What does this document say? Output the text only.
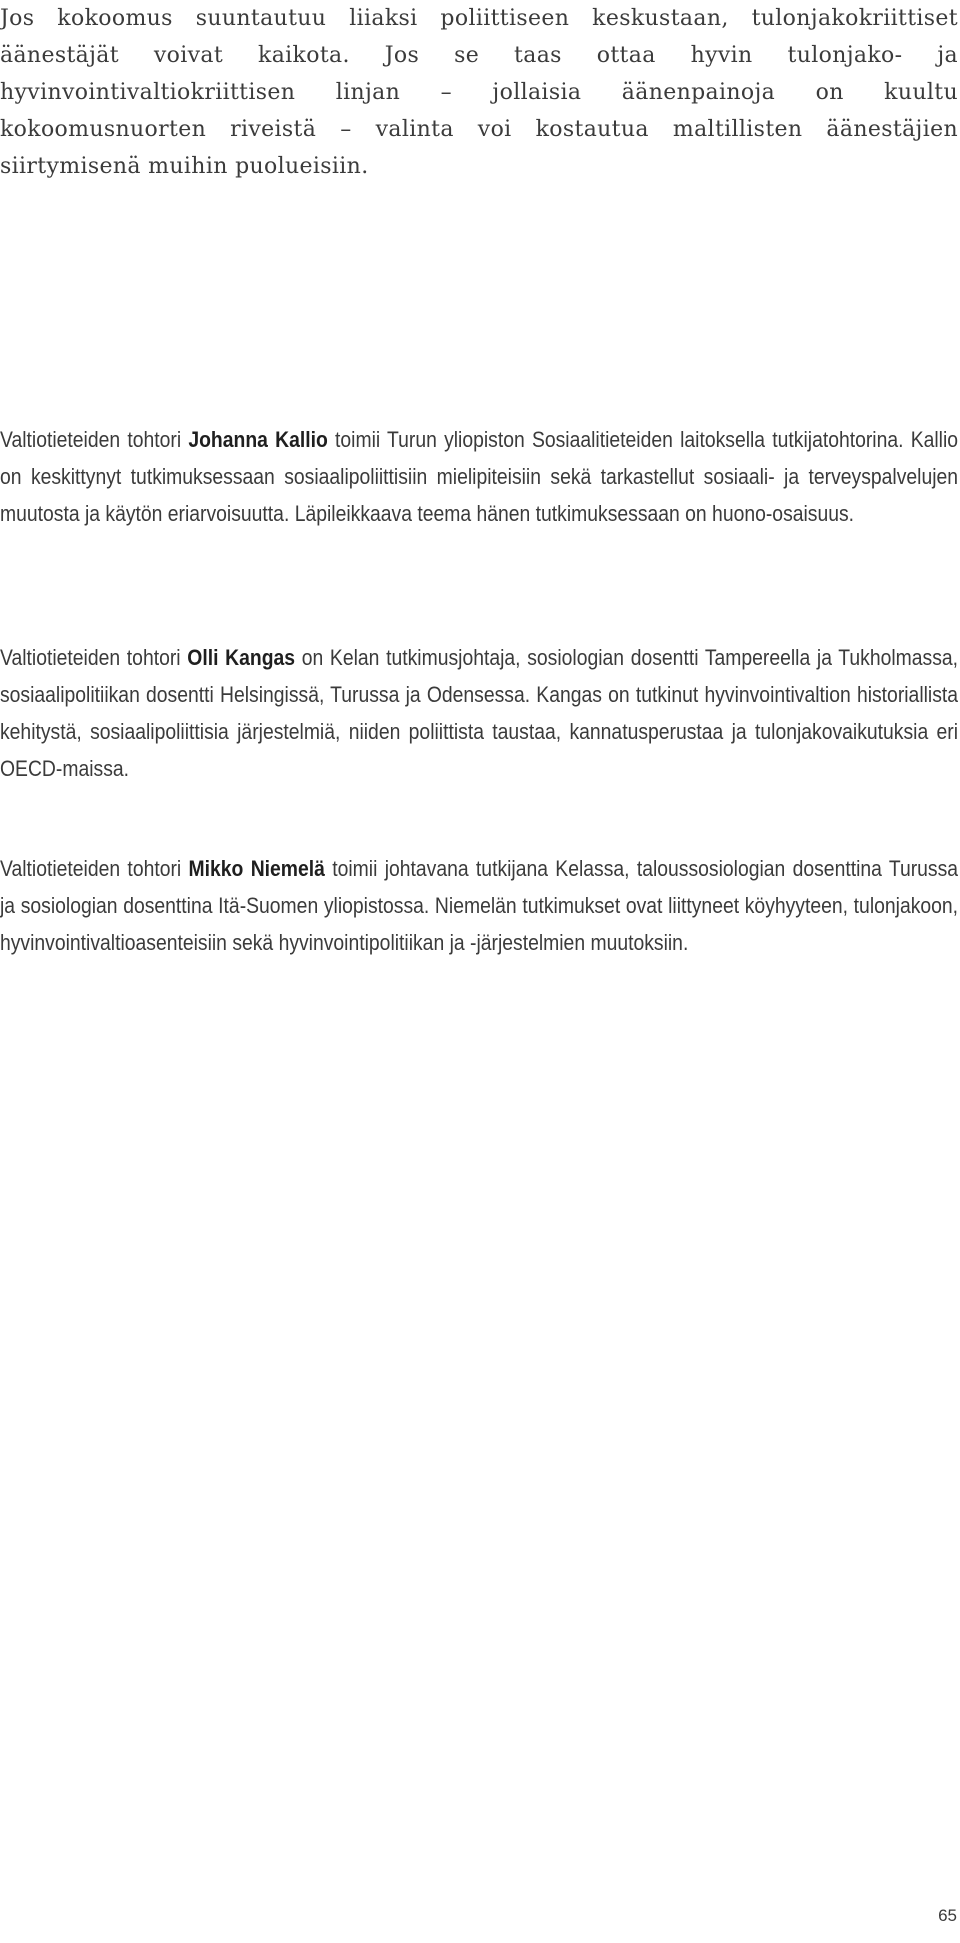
Jos kokoomus suuntautuu liiaksi poliittiseen keskustaan, tulonjakokriittiset äänestäjät voivat kaikota. Jos se taas ottaa hyvin tulonjako- ja hyvinvointivaltiokriittisen linjan – jollaisia äänenpainoja on kuultu kokoomusnuorten riveistä – valinta voi kostautua maltillisten äänestäjien siirtymisenä muihin puolueisiin.

Valtiotieteiden tohtori Johanna Kallio toimii Turun yliopiston Sosiaalitieteiden laitoksella tutkijatohtorina. Kallio on keskittynyt tutkimuksessaan sosiaalipoliittisiin mielipiteisiin sekä tarkastellut sosiaali- ja terveyspalvelujen muutosta ja käytön eriarvoisuutta. Läpileikkaava teema hänen tutkimuksessaan on huono-osaisuus.

Valtiotieteiden tohtori Olli Kangas on Kelan tutkimusjohtaja, sosiologian dosentti Tampereella ja Tukholmassa, sosiaalipolitiikan dosentti Helsingissä, Turussa ja Odensessa. Kangas on tutkinut hyvinvointivaltion historiallista kehitystä, sosiaalipoliittisia järjestelmiä, niiden poliittista taustaa, kannatusperustaa ja tulonjakovaikutuksia eri OECD-maissa.

Valtiotieteiden tohtori Mikko Niemelä toimii johtavana tutkijana Kelassa, taloussosiologian dosenttina Turussa ja sosiologian dosenttina Itä-Suomen yliopistossa. Niemelän tutkimukset ovat liittyneet köyhyyteen, tulonjakoon, hyvinvointivaltioasenteisiin sekä hyvinvointipolitiikan ja -järjestelmien muutoksiin.

65
